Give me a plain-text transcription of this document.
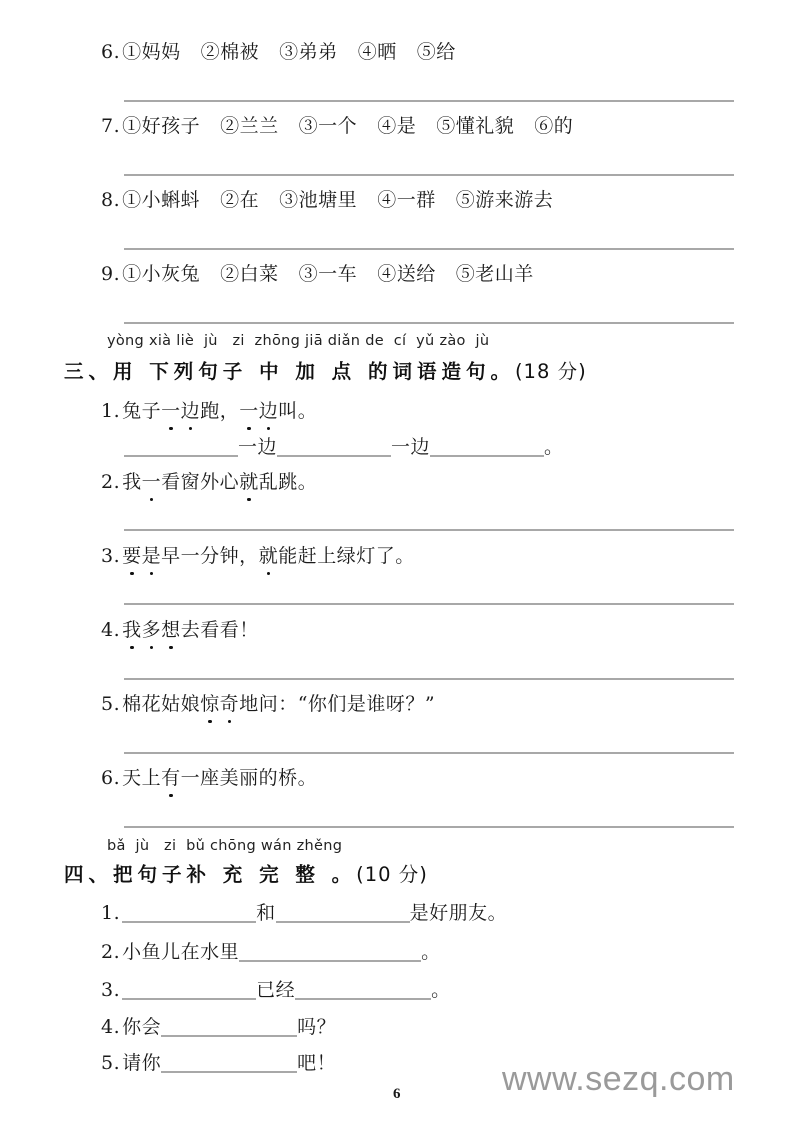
6. ①妈妈 ②棉被 ③弟弟 ④晒 ⑤给
7. ①好孩子 ②兰兰 ③一个 ④是 ⑤懂礼貌 ⑥的
8. ①小蝌蚪 ②在 ③池塘里 ④一群 ⑤游来游去
9. ①小灰兔 ②白菜 ③一车 ④送给 ⑤老山羊
yòng xià liè  jù   zi  zhōng jiā diǎn de  cí  yǔ zào  jù
三、用 下列句子 中 加 点 的词语造句。(18 分)
1. 兔子一边跑，一边叫。
一边	一边	。
2. 我一看窗外心就乱跳。
3. 要是早一分钟，就能赶上绿灯了。
4. 我多想去看看！
5. 棉花姑娘惊奇地问：“你们是谁呀？”
6. 天上有一座美丽的桥。
bǎ  jù   zi  bǔ chōng wán zhěng
四、把句子补 充 完 整 。(10 分)
1.	和	是好朋友。
2. 小鱼儿在水里	。
3.	已经	。
4. 你会	吗？
5. 请你	吧！
6	www.sezq.com
